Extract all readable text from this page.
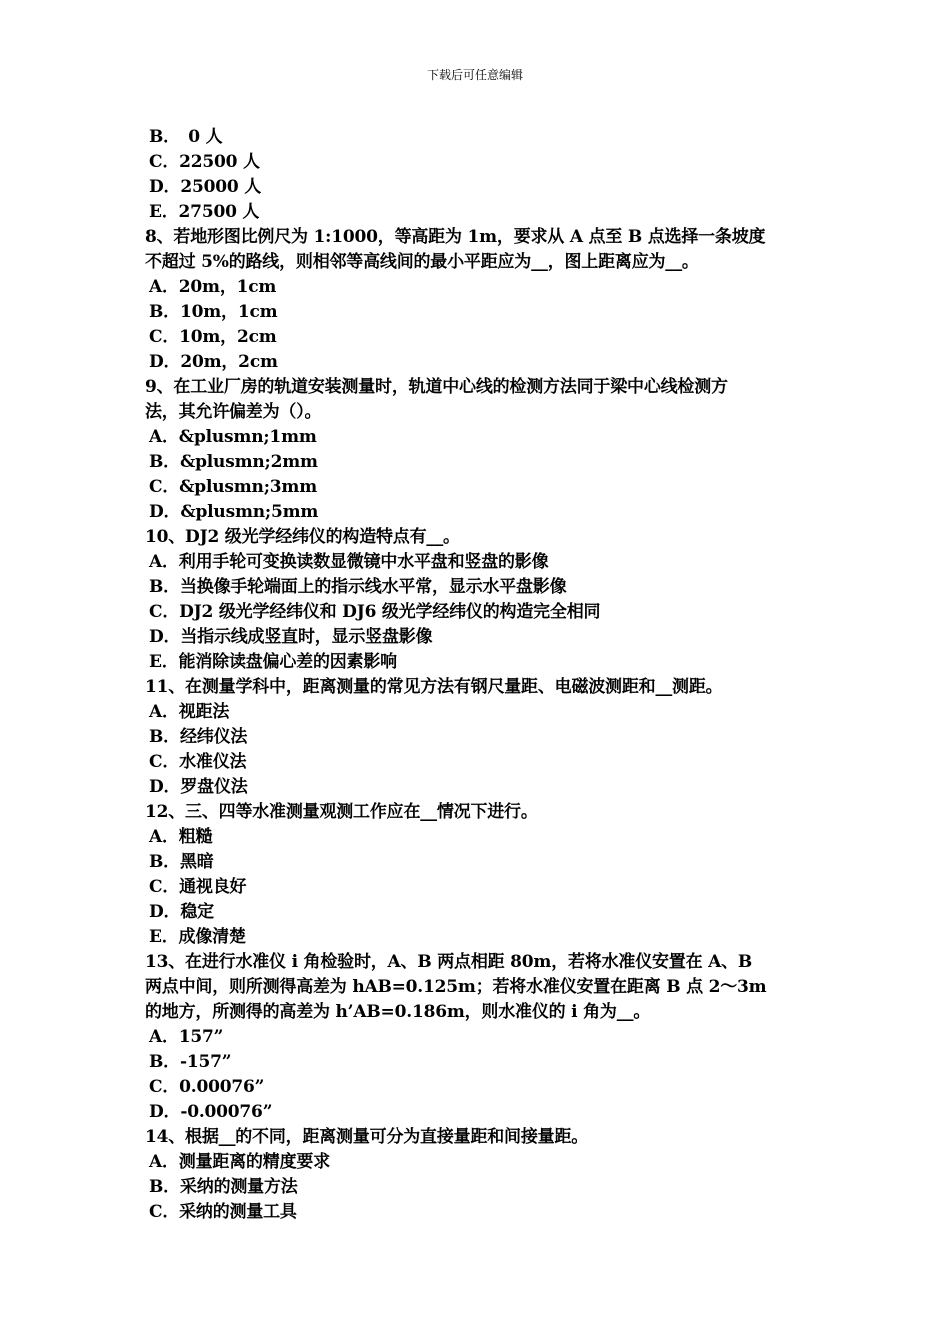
下载后可任意编辑
B．　0 人
C．22500 人
D．25000 人
E．27500 人
8、若地形图比例尺为 1:1000，等高距为 1m，要求从 A 点至 B 点选择一条坡度
不超过 5%的路线，则相邻等高线间的最小平距应为__，图上距离应为__。
A．20m，1cm
B．10m，1cm
C．10m，2cm
D．20m，2cm
9、在工业厂房的轨道安装测量时，轨道中心线的检测方法同于梁中心线检测方
法，其允许偏差为（）。
A．&plusmn;1mm
B．&plusmn;2mm
C．&plusmn;3mm
D．&plusmn;5mm
10、DJ2 级光学经纬仪的构造特点有__。
A．利用手轮可变换读数显微镜中水平盘和竖盘的影像
B．当换像手轮端面上的指示线水平常，显示水平盘影像
C．DJ2 级光学经纬仪和 DJ6 级光学经纬仪的构造完全相同
D．当指示线成竖直时，显示竖盘影像
E．能消除读盘偏心差的因素影响
11、在测量学科中，距离测量的常见方法有钢尺量距、电磁波测距和__测距。
A．视距法
B．经纬仪法
C．水准仪法
D．罗盘仪法
12、三、四等水准测量观测工作应在__情况下进行。
A．粗糙
B．黑暗
C．通视良好
D．稳定
E．成像清楚
13、在进行水准仪 i 角检验时，A、B 两点相距 80m，若将水准仪安置在 A、B
两点中间，则所测得高差为 hAB=0.125m；若将水准仪安置在距离 B 点 2～3m
的地方，所测得的高差为 h’AB=0.186m，则水准仪的 i 角为__。
A．157”
B．-157”
C．0.00076”
D．-0.00076”
14、根据__的不同，距离测量可分为直接量距和间接量距。
A．测量距离的精度要求
B．采纳的测量方法
C．采纳的测量工具
